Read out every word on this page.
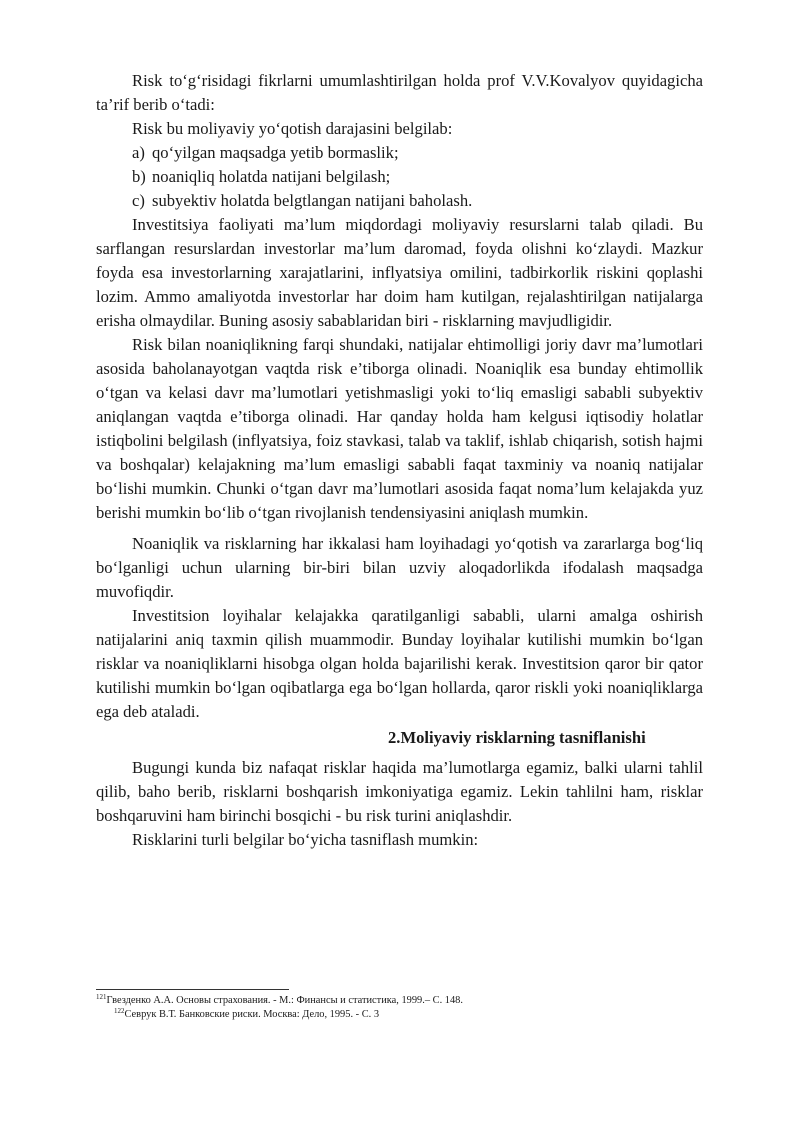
Risk to‘g‘risidagi fikrlarni umumlashtirilgan holda prof V.V.Kovalyov quyidagicha ta’rif berib o‘tadi:

Risk bu moliyaviy yo‘qotish darajasini belgilab:

a) qo‘yilgan maqsadga yetib bormaslik;
b) noaniqliq holatda natijani belgilash;
c) subyektiv holatda belgtlangan natijani baholash.

Investitsiya faoliyati ma’lum miqdordagi moliyaviy resurslarni talab qiladi. Bu sarflangan resurslardan investorlar ma’lum daromad, foyda olishni ko‘zlaydi. Mazkur foyda esa investorlarning xarajatlarini, inflyatsiya omilini, tadbirkorlik riskini qoplashi lozim. Ammo amaliyotda investorlar har doim ham kutilgan, rejalashtirilgan natijalarga erisha olmaydilar. Buning asosiy sabablaridan biri - risklarning mavjudligidir.

Risk bilan noaniqlikning farqi shundaki, natijalar ehtimolligi joriy davr ma’lumotlari asosida baholanayotgan vaqtda risk e’tiborga olinadi. Noaniqlik esa bunday ehtimollik o‘tgan va kelasi davr ma’lumotlari yetishmasligi yoki to‘liq emasligi sababli subyektiv aniqlangan vaqtda e’tiborga olinadi. Har qanday holda ham kelgusi iqtisodiy holatlar istiqbolini belgilash (inflyatsiya, foiz stavkasi, talab va taklif, ishlab chiqarish, sotish hajmi va boshqalar) kelajakning ma’lum emasligi sababli faqat taxminiy va noaniq natijalar bo‘lishi mumkin. Chunki o‘tgan davr ma’lumotlari asosida faqat noma’lum kelajakda yuz berishi mumkin bo‘lib o‘tgan rivojlanish tendensiyasini aniqlash mumkin.

Noaniqlik va risklarning har ikkalasi ham loyihadagi yo‘qotish va zararlarga bog‘liq bo‘lganligi uchun ularning bir-biri bilan uzviy aloqadorlikda ifodalash maqsadga muvofiqdir.

Investitsion loyihalar kelajakka qaratilganligi sababli, ularni amalga oshirish natijalarini aniq taxmin qilish muammodir. Bunday loyihalar kutilishi mumkin bo‘lgan risklar va noaniqliklarni hisobga olgan holda bajarilishi kerak. Investitsion qaror bir qator kutilishi mumkin bo‘lgan oqibatlarga ega bo‘lgan hollarda, qaror riskli yoki noaniqliklarga ega deb ataladi.

2.Moliyaviy risklarning tasniflanishi

Bugungi kunda biz nafaqat risklar haqida ma’lumotlarga egamiz, balki ularni tahlil qilib, baho berib, risklarni boshqarish imkoniyatiga egamiz. Lekin tahlilni ham, risklar boshqaruvini ham birinchi bosqichi - bu risk turini aniqlashdir.

Risklarini turli belgilar bo‘yicha tasniflash mumkin:

$^{121}$Гвезденко А.А. Основы страхования. - М.: Финансы и статистика, 1999.– С. 148.
$^{122}$Севрук В.Т. Банковские риски. Москва: Дело, 1995. - С. 3
